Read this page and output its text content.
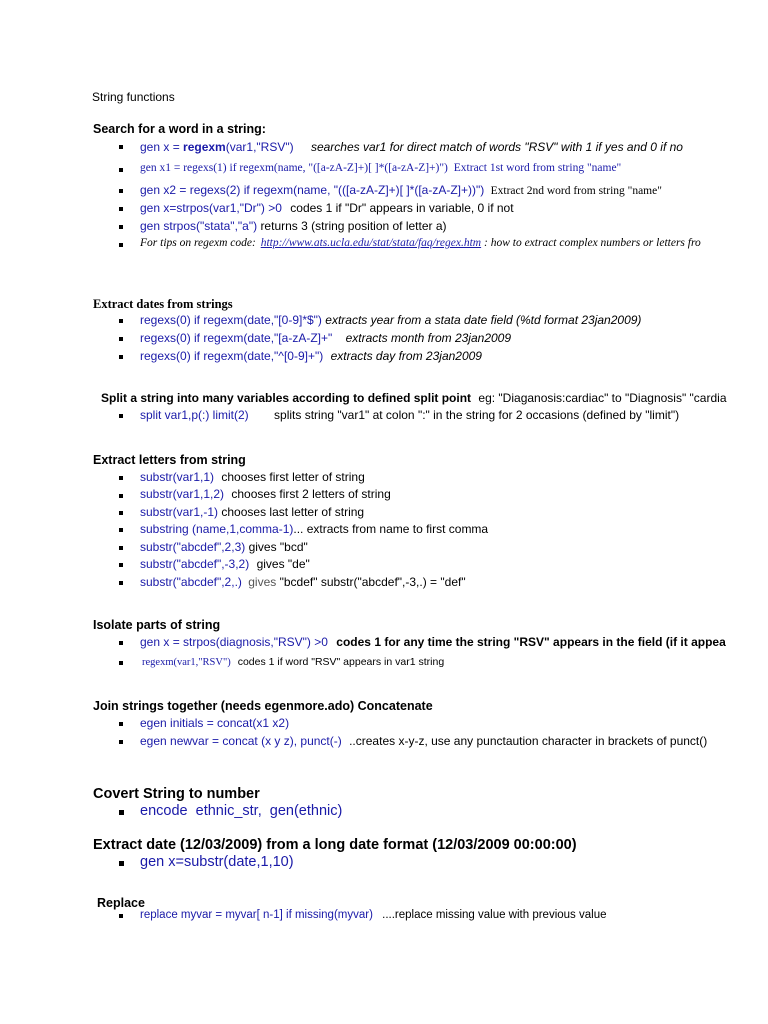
String functions
Search for a word in a string:
gen x = regexm(var1,"RSV") searches var1 for direct match of words "RSV" with 1 if yes and 0 if no
gen x1 = regexs(1) if regexm(name, "([a-zA-Z]+)[ ]*([a-zA-Z]+)") Extract 1st word from string "name"
gen x2 = regexs(2) if regexm(name, "(([a-zA-Z]+)[ ]*([a-zA-Z]+))") Extract 2nd word from string "name"
gen x=strpos(var1,"Dr") >0 codes 1 if "Dr" appears in variable, 0 if not
gen strpos("stata","a") returns 3 (string position of letter a)
For tips on regexm code: http://www.ats.ucla.edu/stat/stata/faq/regex.htm : how to extract complex numbers or letters fro
Extract dates from strings
regexs(0) if regexm(date,"[0-9]*$") extracts year from a stata date field (%td format 23jan2009)
regexs(0) if regexm(date,"[a-zA-Z]+" extracts month from 23jan2009
regexs(0) if regexm(date,"^[0-9]+") extracts day from 23jan2009
Split a string into many variables according to defined split point eg: "Diaganosis:cardiac" to "Diagnosis" "cardia
split var1,p(:) limit(2) splits string "var1" at colon ":" in the string for 2 occasions (defined by "limit")
Extract letters from string
substr(var1,1) chooses first letter of string
substr(var1,1,2) chooses first 2 letters of string
substr(var1,-1) chooses last letter of string
substring (name,1,comma-1)... extracts from name to first comma
substr("abcdef",2,3) gives "bcd"
substr("abcdef",-3,2) gives "de"
substr("abcdef",2,.) gives "bcdef" substr("abcdef",-3,.) = "def"
Isolate parts of string
gen x = strpos(diagnosis,"RSV") >0 codes 1 for any time the string "RSV" appears in the field (if it appea
regexm(var1,"RSV") codes 1 if word "RSV" appears in var1 string
Join strings together (needs egenmore.ado) Concatenate
egen initials = concat(x1 x2)
egen newvar = concat (x y z), punct(-) ..creates x-y-z, use any punctaution character in brackets of punct()
Covert String to number
encode  ethnic_str,  gen(ethnic)
Extract date (12/03/2009) from a long date format (12/03/2009 00:00:00)
gen x=substr(date,1,10)
Replace
replace myvar = myvar[ n-1] if missing(myvar) ....replace missing value with previous value
